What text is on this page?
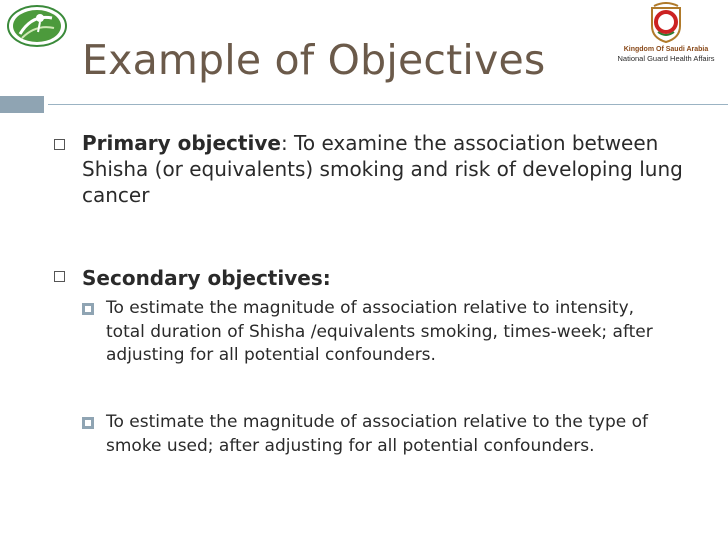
Kingdom Of Saudi Arabia
National Guard Health Affairs
Example of Objectives
Primary objective: To examine the association between Shisha (or equivalents) smoking and risk of developing lung cancer
Secondary objectives:
To estimate the magnitude of association relative to intensity, total duration of Shisha /equivalents smoking, times-week; after adjusting for all potential confounders.
To estimate the magnitude of association relative to the type of smoke used; after adjusting for all potential confounders.
